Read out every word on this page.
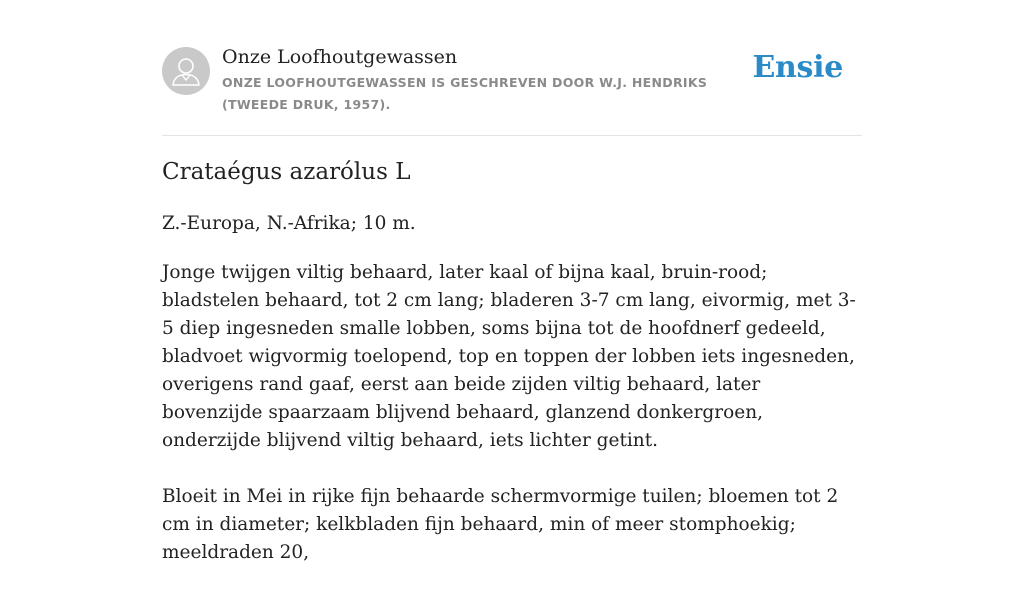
Onze Loofhoutgewassen
ONZE LOOFHOUTGEWASSEN IS GESCHREVEN DOOR W.J. HENDRIKS (TWEEDE DRUK, 1957).
Ensie
Crataégus azarólus L

Z.-Europa, N.-Afrika; 10 m.

Jonge twijgen viltig behaard, later kaal of bijna kaal, bruin-rood; bladstelen behaard, tot 2 cm lang; bladeren 3-7 cm lang, eivormig, met 3-5 diep ingesneden smalle lobben, soms bijna tot de hoofdnerf gedeeld, bladvoet wigvormig toelopend, top en toppen der lobben iets ingesneden, overigens rand gaaf, eerst aan beide zijden viltig behaard, later bovenzijde spaarzaam blijvend behaard, glanzend donkergroen, onderzijde blijvend viltig behaard, iets lichter getint.

Bloeit in Mei in rijke fijn behaarde schermvormige tuilen; bloemen tot 2 cm in diameter; kelkbladen fijn behaard, min of meer stomphoekig; meeldraden 20,
